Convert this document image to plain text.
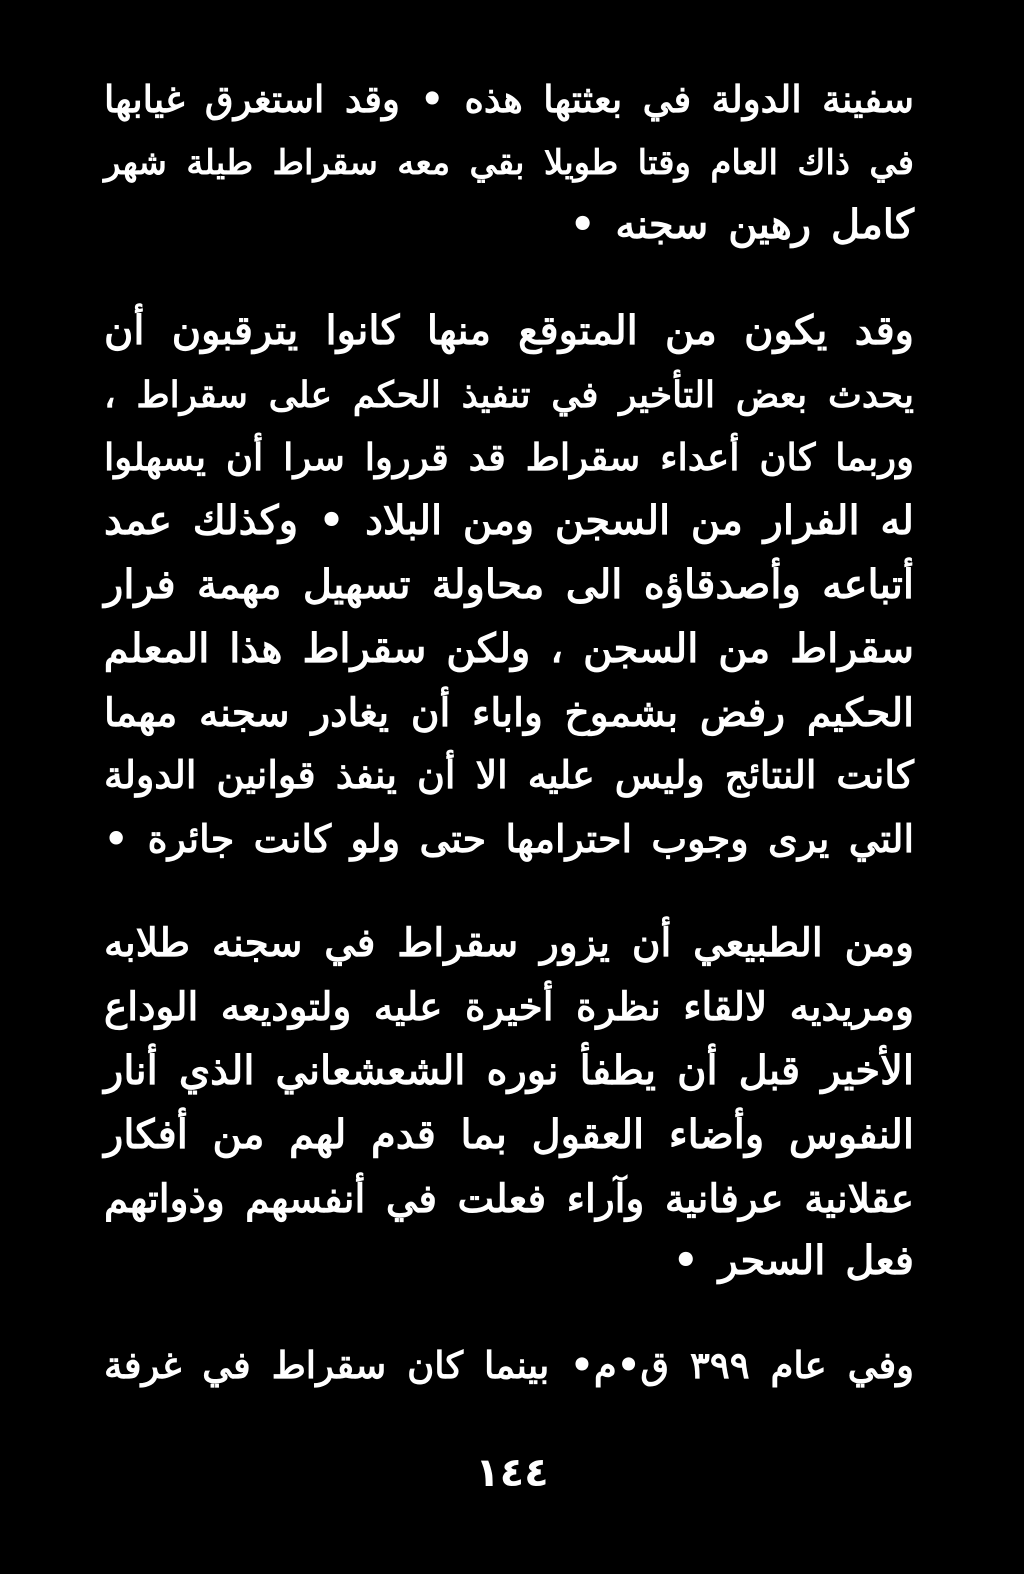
سفينة الدولة في بعثتها هذه • وقد استغرق غيابها
في ذاك العام وقتا طويلا بقي معه سقراط طيلة شهر
كامل رهين سجنه •
وقد يكون من المتوقع منها كانوا يترقبون أن
يحدث بعض التأخير في تنفيذ الحكم على سقراط ،
وربما كان أعداء سقراط قد قرروا سرا أن يسهلوا
له الفرار من السجن ومن البلاد • وكذلك عمد
أتباعه وأصدقاؤه الى محاولة تسهيل مهمة فرار
سقراط من السجن ، ولكن سقراط هذا المعلم
الحكيم رفض بشموخ واباء أن يغادر سجنه مهما
كانت النتائج وليس عليه الا أن ينفذ قوانين الدولة
التي يرى وجوب احترامها حتى ولو كانت جائرة •
ومن الطبيعي أن يزور سقراط في سجنه طلابه
ومريديه لالقاء نظرة أخيرة عليه ولتوديعه الوداع
الأخير قبل أن يطفأ نوره الشعشعاني الذي أنار
النفوس وأضاء العقول بما قدم لهم من أفكار
عقلانية عرفانية وآراء فعلت في أنفسهم وذواتهم
فعل السحر •
وفي عام ٣٩٩ ق•م• بينما كان سقراط في غرفة
١٤٤
